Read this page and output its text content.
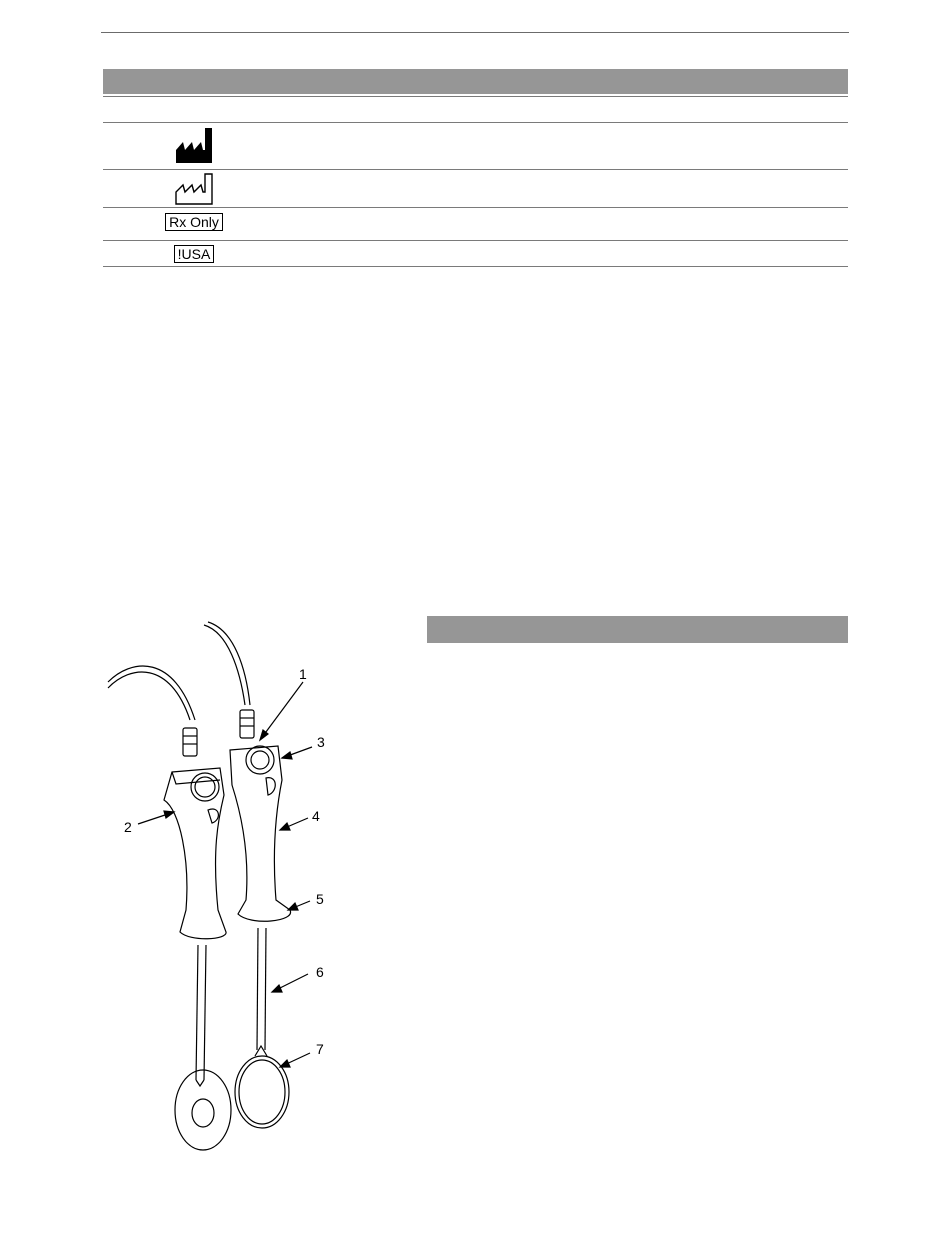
Rx Only
!USA
1
2
3
4
5
6
7
